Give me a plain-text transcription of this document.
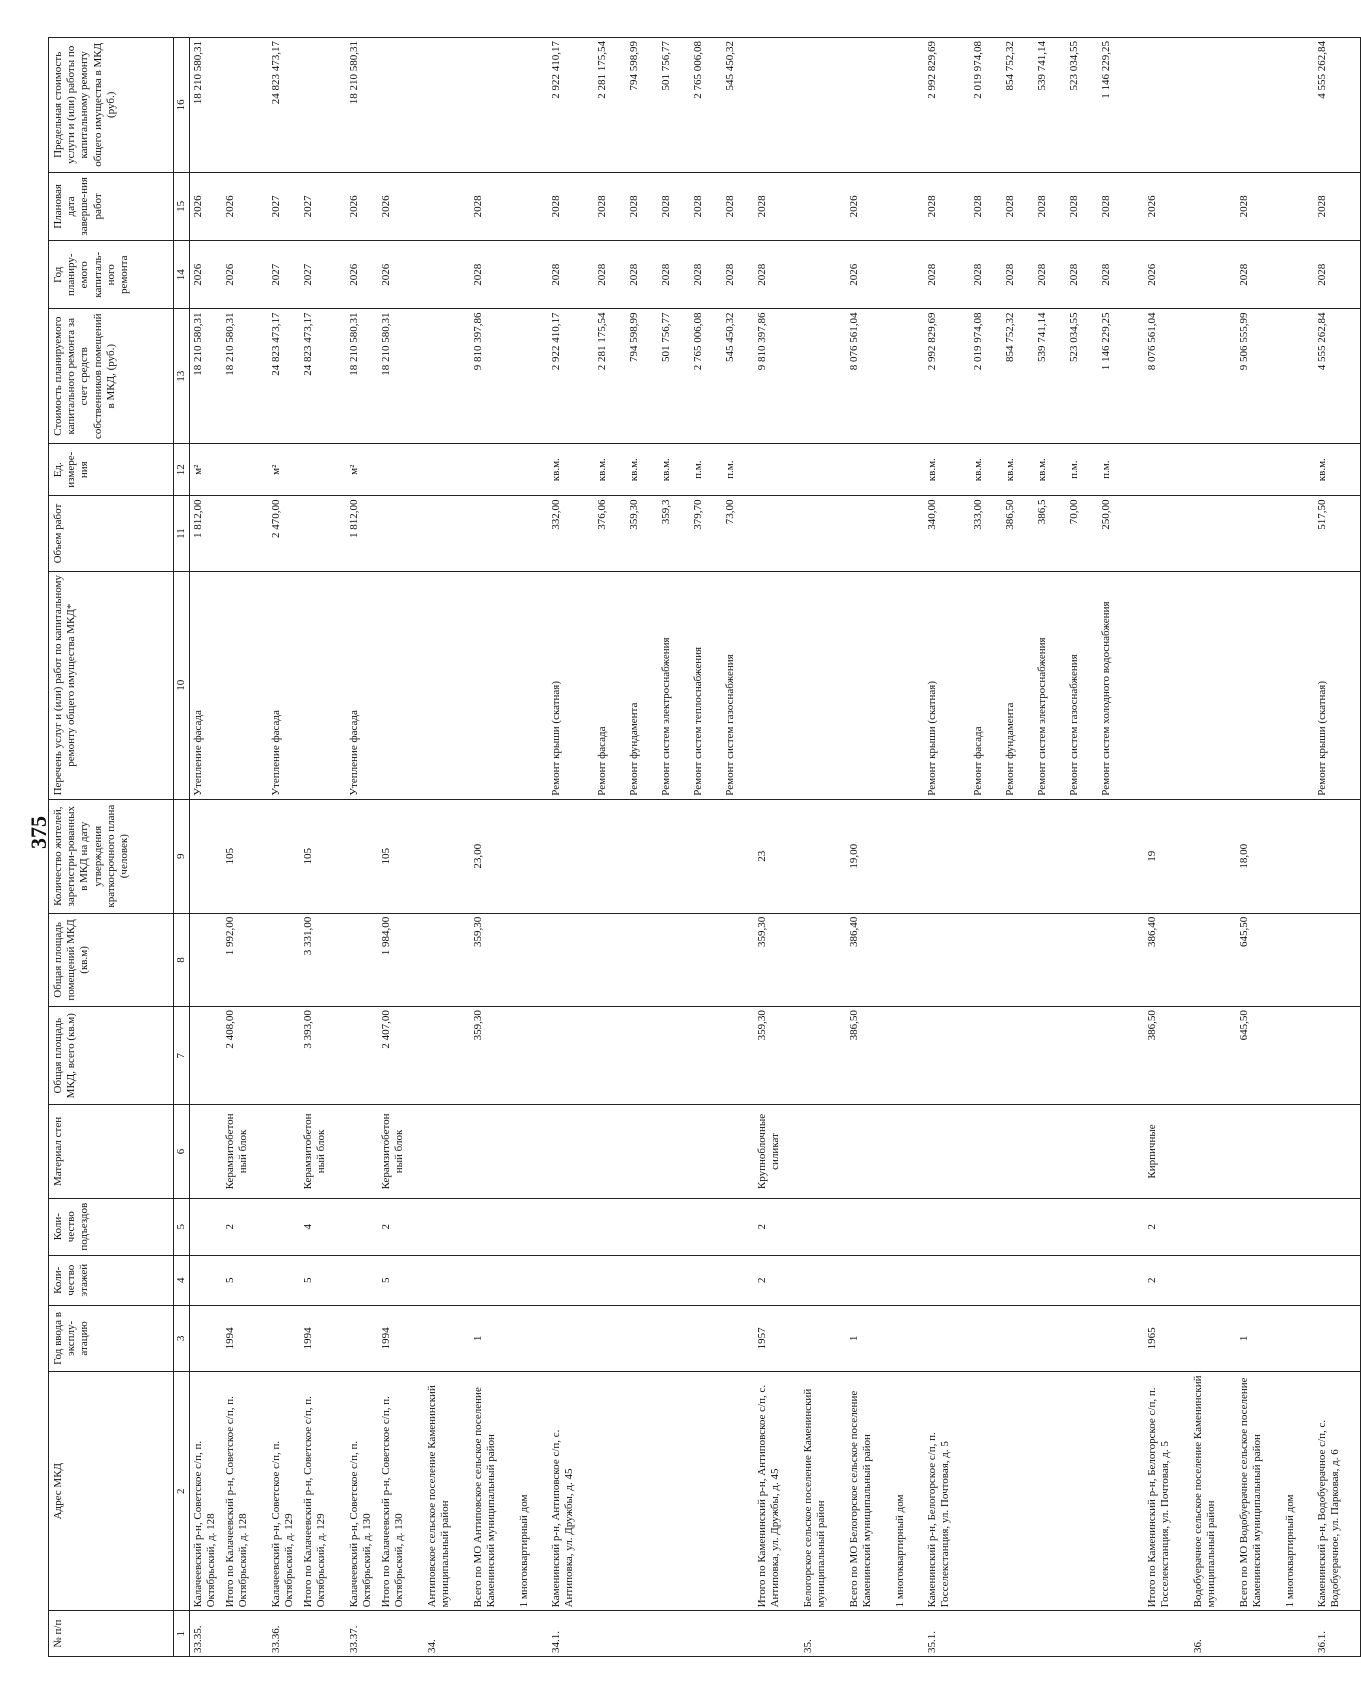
375
№ п/п	Адрес МКД	Год ввода в эксплу-атацию	Коли-чество этажей	Коли-чество подъездов	Материал стен	Общая площадь МКД, всего (кв.м)	Общая площадь помещений МКД (кв.м)	Количество жителей, зарегистри-рованных в МКД на дату утверждения краткосрочного плана (человек)	Перечень услуг и (или) работ по капитальному ремонту общего имущества МКД*	Объем работ	Ед. измере-ния	Стоимость планируемого капитального ремонта за счет средств собственников помещений в МКД, (руб.)	Год планиру-емого капиталь-ного ремонта	Плановая дата заверше-ния работ	Предельная стоимость услуги и (или) работы по капитальному ремонту общего имущества в МКД (руб.)
1	2	3	4	5	6	7	8	9	10	11	12	13	14	15	16
33.35.	Калачеевский р-н, Советское с/п, п. Октябрьский, д. 128								Утепление фасада	1 812,00	м²	18 210 580,31	2026	2026	18 210 580,31
	Итого по Калачеевский р-н, Советское с/п, п. Октябрьский, д. 128	1994	5	2	Керамзитобетон ный блок	2 408,00	1 992,00	105				18 210 580,31	2026	2026	
33.36.	Калачеевский р-н, Советское с/п, п. Октябрьский, д. 129								Утепление фасада	2 470,00	м²	24 823 473,17	2027	2027	24 823 473,17
	Итого по Калачеевский р-н, Советское с/п, п. Октябрьский, д. 129	1994	5	4	Керамзитобетон ный блок	3 393,00	3 331,00	105				24 823 473,17	2027	2027	
33.37.	Калачеевский р-н, Советское с/п, п. Октябрьский, д. 130								Утепление фасада	1 812,00	м²	18 210 580,31	2026	2026	18 210 580,31
	Итого по Калачеевский р-н, Советское с/п, п. Октябрьский, д. 130	1994	5	2	Керамзитобетон ный блок	2 407,00	1 984,00	105				18 210 580,31	2026	2026	
34.	Антиповское сельское поселение Каменинский муниципальный район														
	Всего по МО Антиповское сельское поселение Каменинский муниципальный район	1				359,30	359,30	23,00				9 810 397,86	2028	2028	
	1 многоквартирный дом														
34.1.	Каменинский р-н, Антиповское с/п, с. Антиповка, ул. Дружбы, д. 45								Ремонт крыши (скатная)	332,00	кв.м.	2 922 410,17	2028	2028	2 922 410,17
									Ремонт фасада	376,06	кв.м.	2 281 175,54	2028	2028	2 281 175,54
									Ремонт фундамента	359,30	кв.м.	794 598,99	2028	2028	794 598,99
									Ремонт систем электроснабжения	359,3	кв.м.	501 756,77	2028	2028	501 756,77
									Ремонт систем теплоснабжения	379,70	п.м.	2 765 006,08	2028	2028	2 765 006,08
									Ремонт систем газоснабжения	73,00	п.м.	545 450,32	2028	2028	545 450,32
	Итого по Каменинский р-н, Антиповское с/п, с. Антиповка, ул. Дружбы, д. 45	1957	2	2	Крупноблочные силикат	359,30	359,30	23				9 810 397,86	2028	2028	
35.	Белогорское сельское поселение Каменинский муниципальный район														
	Всего по МО Белогорское сельское поселение Каменинский муниципальный район	1				386,50	386,40	19,00				8 076 561,04	2026	2026	
	1 многоквартирный дом														
35.1.	Каменинский р-н, Белогорское с/п, п. Госселекстанция, ул. Почтовая, д. 5								Ремонт крыши (скатная)	340,00	кв.м.	2 992 829,69	2028	2028	2 992 829,69
									Ремонт фасада	333,00	кв.м.	2 019 974,08	2028	2028	2 019 974,08
									Ремонт фундамента	386,50	кв.м.	854 752,32	2028	2028	854 752,32
									Ремонт систем электроснабжения	386,5	кв.м.	539 741,14	2028	2028	539 741,14
									Ремонт систем газоснабжения	70,00	п.м.	523 034,55	2028	2028	523 034,55
									Ремонт систем холодного водоснабжения	250,00	п.м.	1 146 229,25	2028	2028	1 146 229,25
	Итого по Каменинский р-н, Белогорское с/п, п. Госселекстанция, ул. Почтовая, д. 5	1965	2	2	Кирпичные	386,50	386,40	19				8 076 561,04	2026	2026	
36.	Водобуерачное сельское поселение Каменинский муниципальный район														
	Всего по МО Водобуерачное сельское поселение Каменинский муниципальный район	1				645,50	645,50	18,00				9 506 555,99	2028	2028	
	1 многоквартирный дом														
36.1.	Каменинский р-н, Водобуерачное с/п, с. Водобуерачное, ул. Парковая, д. 6								Ремонт крыши (скатная)	517,50	кв.м.	4 555 262,84	2028	2028	4 555 262,84
